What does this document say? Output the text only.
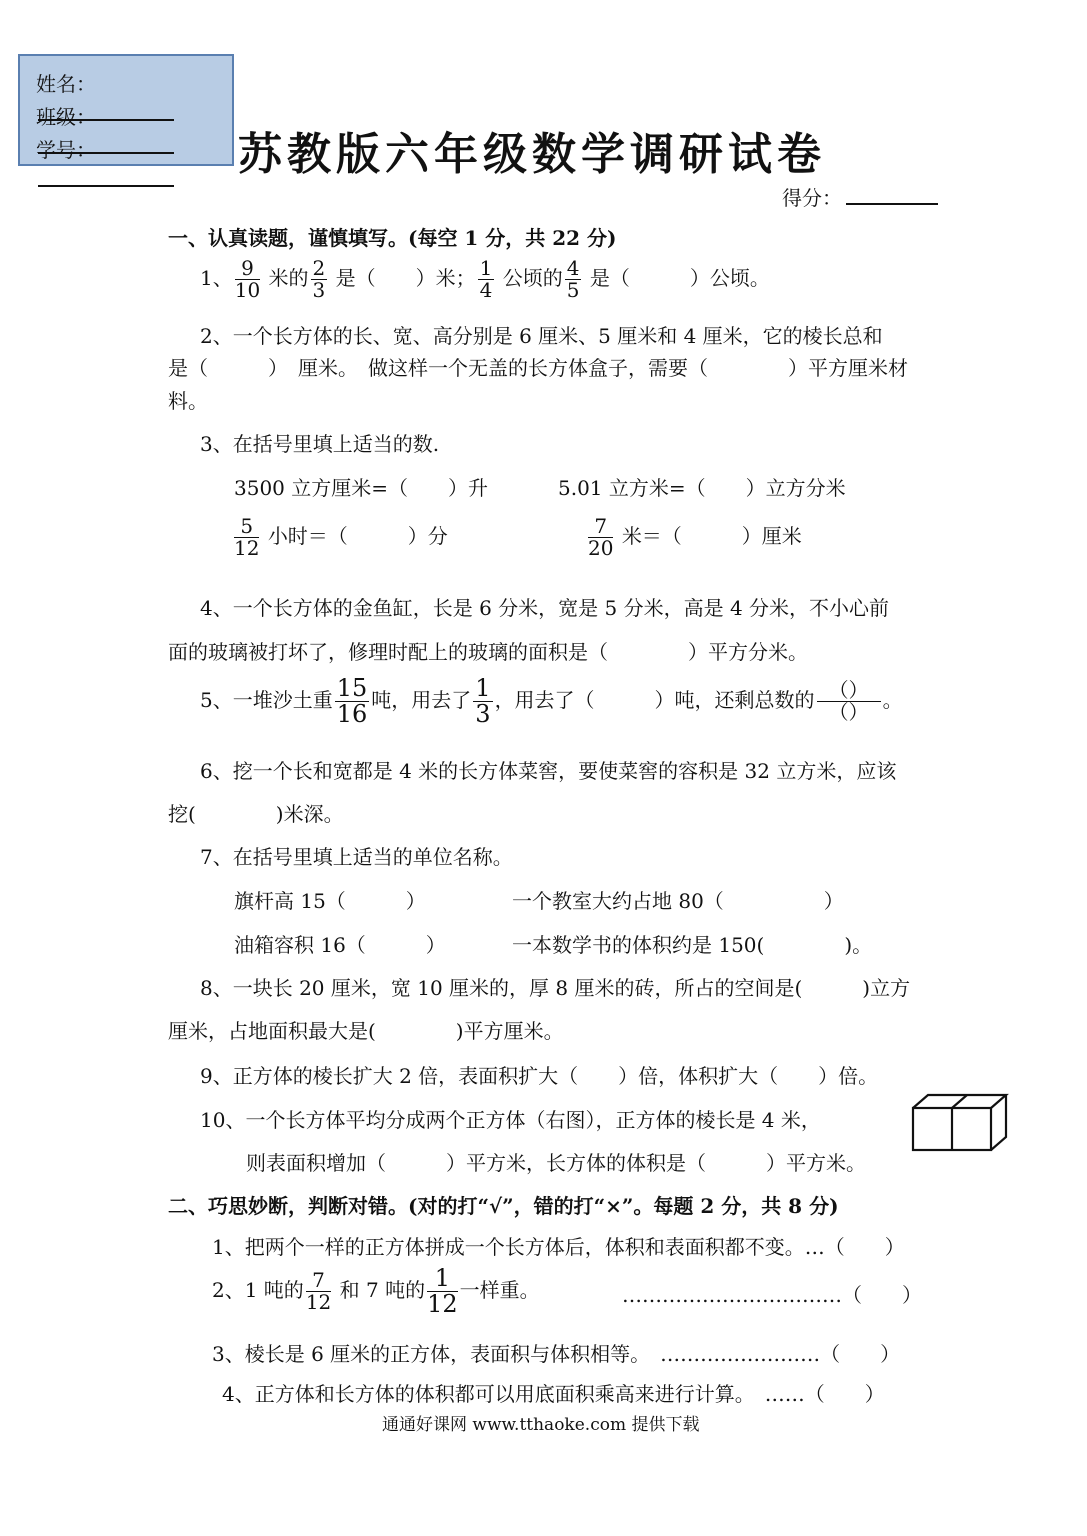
姓名：
班级：
学号：	苏教版六年级数学调研试卷
得分：
一、认真读题，谨慎填写。(每空 1 分，共 22 分)
1、 $\frac{9}{10}$ 米的 $\frac{2}{3}$ 是（　　）米； $\frac{1}{4}$ 公顷的 $\frac{4}{5}$ 是（　　　）公顷。
2、一个长方体的长、宽、高分别是 6 厘米、5 厘米和 4 厘米，它的棱长总和
是（　　　）　厘米。　做这样一个无盖的长方体盒子，需要（　　　　）平方厘米材
料。
3、在括号里填上适当的数.
3500 立方厘米=（　　）升	5.01 立方米=（　　）立方分米
$\frac{5}{12}$ 小时＝（　　　）分	$\frac{7}{20}$ 米＝（　　　）厘米
4、一个长方体的金鱼缸，长是 6 分米，宽是 5 分米，高是 4 分米，不小心前
面的玻璃被打坏了，修理时配上的玻璃的面积是（　　　　）平方分米。
5、一堆沙土重 $\frac{15}{16}$ 吨，用去了 $\frac{1}{3}$ ，用去了（　　　）吨，还剩总数的 $\frac{()}{()}$ 。
6、挖一个长和宽都是 4 米的长方体菜窖，要使菜窖的容积是 32 立方米，应该
挖(　　　　)米深。
7、在括号里填上适当的单位名称。
旗杆高 15（　　　）	一个教室大约占地 80（　　　　　）
油箱容积 16（　　　）	一本数学书的体积约是 150(　　　　)。
8、一块长 20 厘米，宽 10 厘米的，厚 8 厘米的砖，所占的空间是(　　　)立方
厘米，占地面积最大是(　　　　)平方厘米。
9、正方体的棱长扩大 2 倍，表面积扩大（　　）倍，体积扩大（　　）倍。
10、一个长方体平均分成两个正方体（右图），正方体的棱长是 4 米，
则表面积增加（　　　）平方米，长方体的体积是（　　　）平方米。
二、巧思妙断，判断对错。(对的打“√”，错的打“×”。每题 2 分，共 8 分)
1、把两个一样的正方体拼成一个长方体后，体积和表面积都不变。…（　　）
2、1 吨的 $\frac{7}{12}$ 和 7 吨的 $\frac{1}{12}$ 一样重。	……………………………（　　）
3、棱长是 6 厘米的正方体，表面积与体积相等。　……………………（　　）
4、正方体和长方体的体积都可以用底面积乘高来进行计算。　……（　　）
通通好课网 www.tthaoke.com 提供下载
